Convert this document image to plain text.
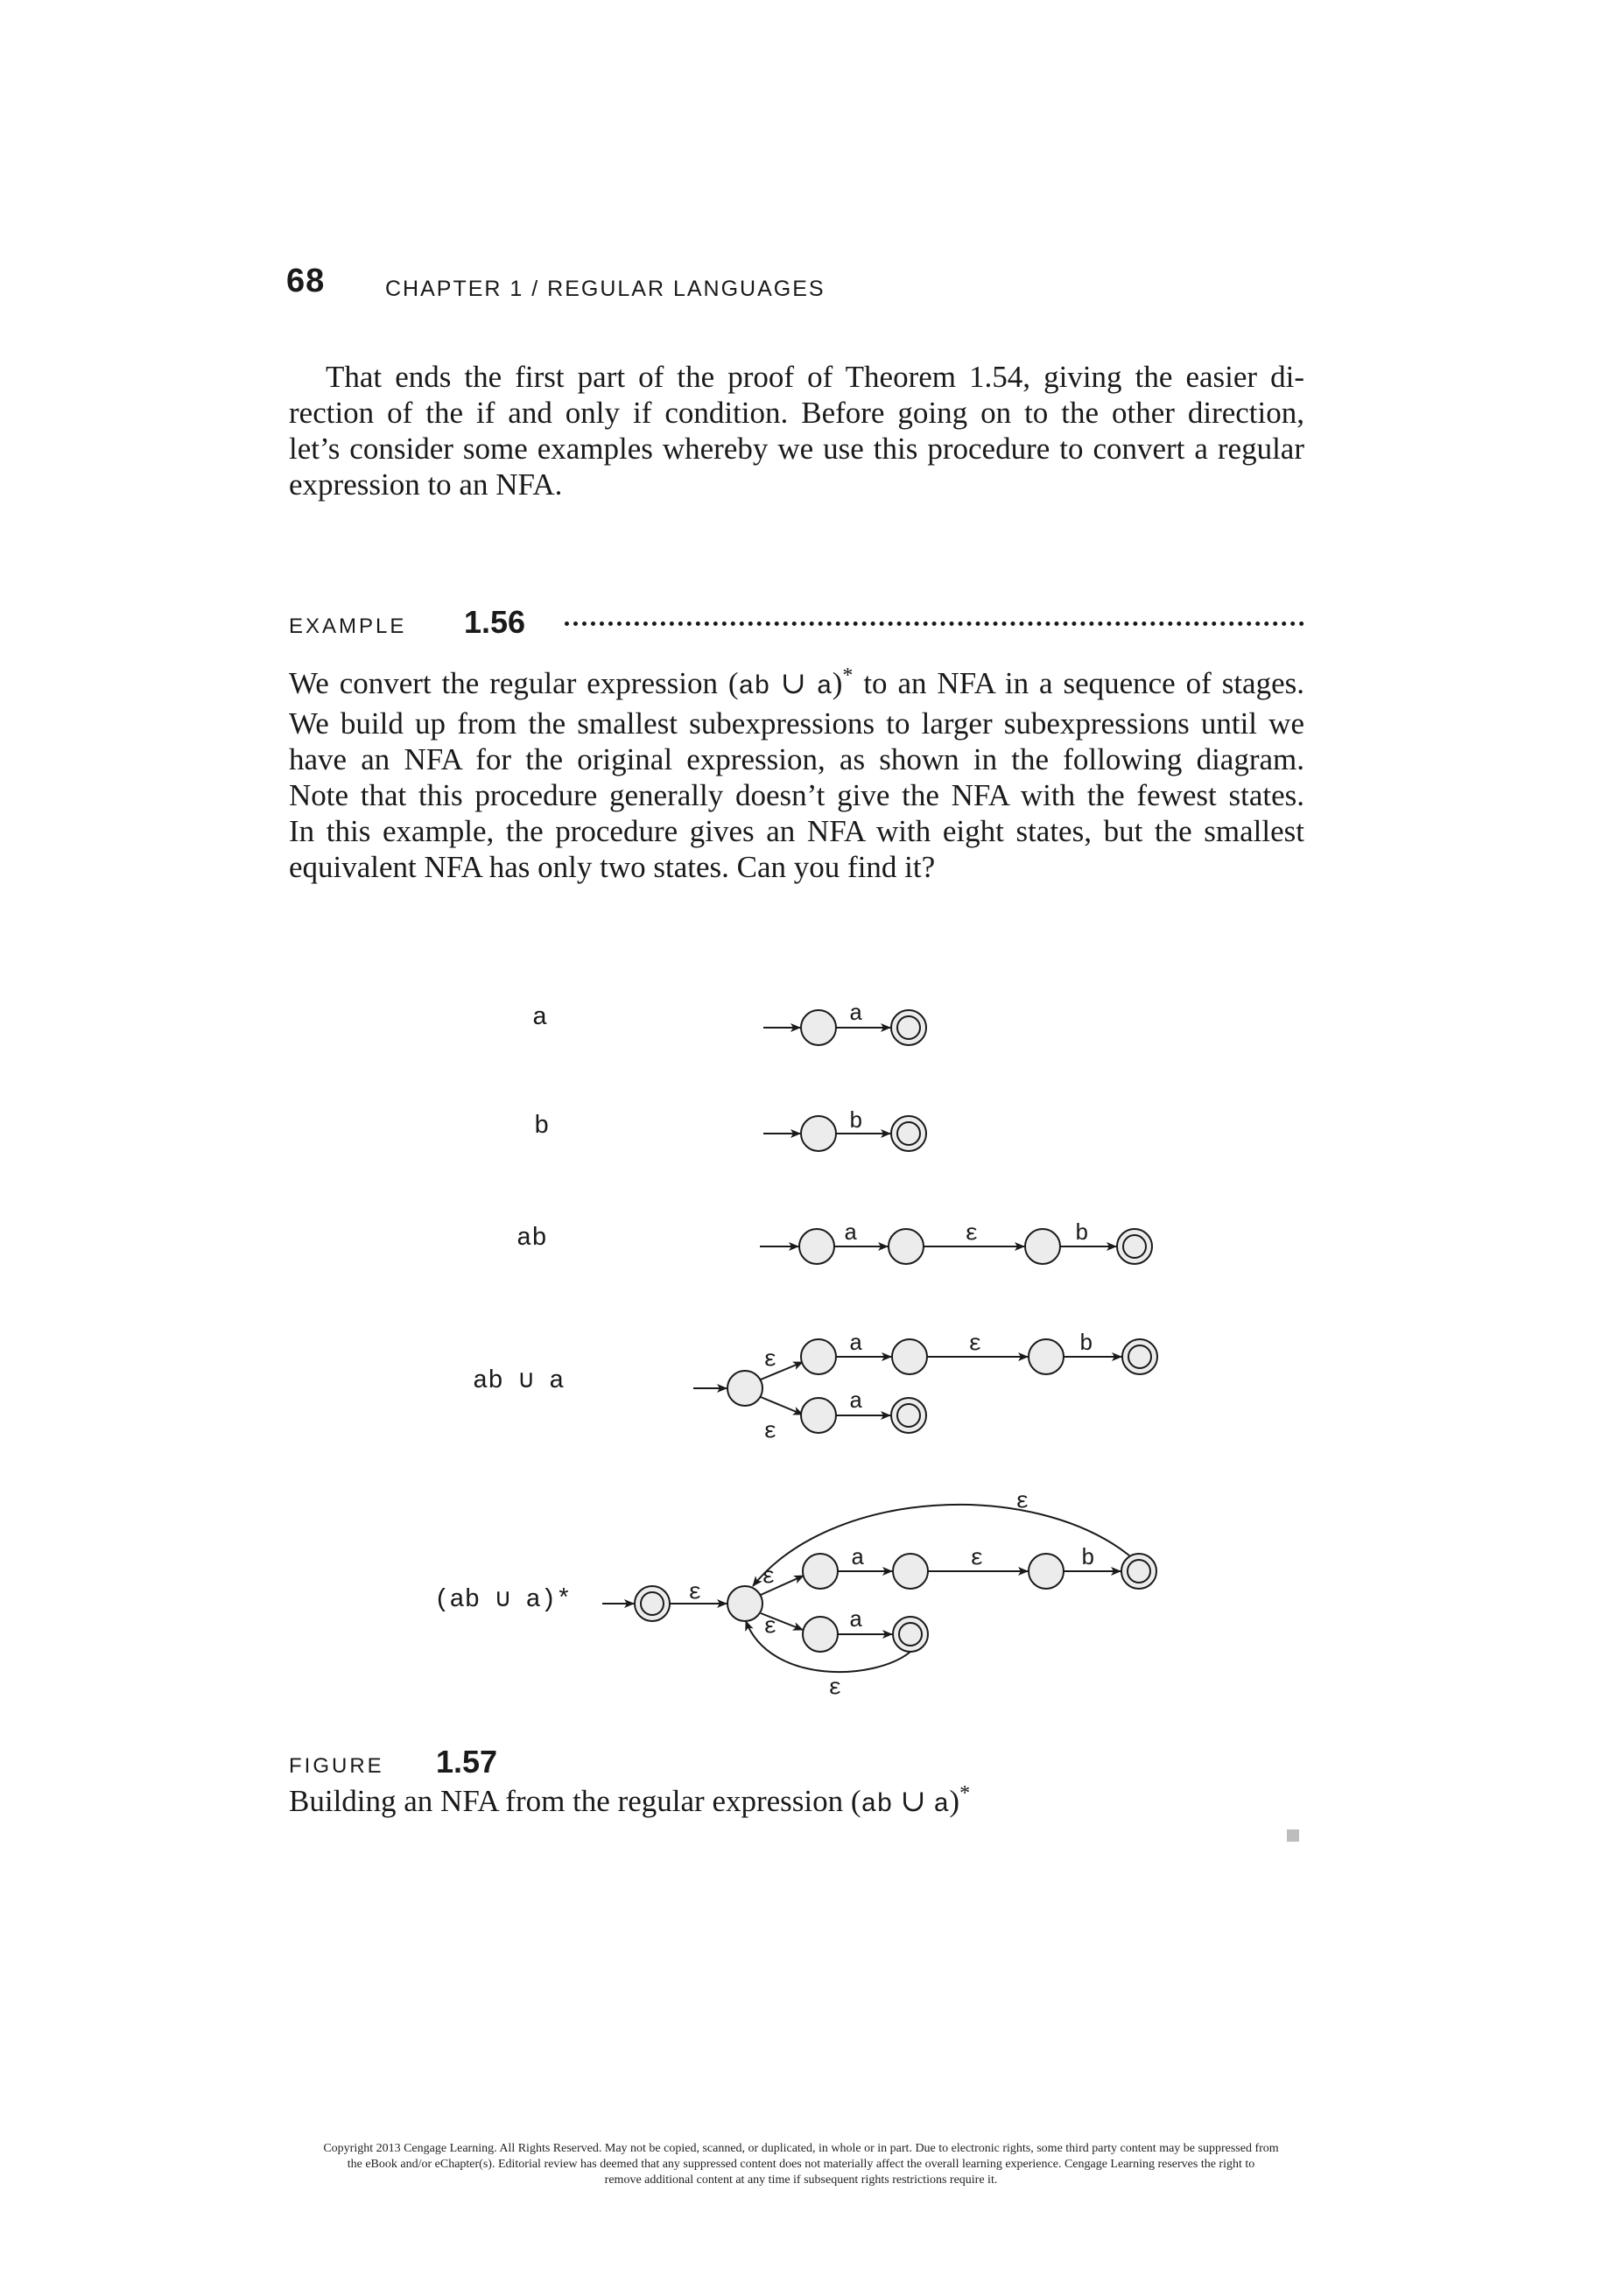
68	CHAPTER 1 / REGULAR LANGUAGES
That ends the first part of the proof of Theorem 1.54, giving the easier di-
rection of the if and only if condition. Before going on to the other direction,
let’s consider some examples whereby we use this procedure to convert a regular
expression to an NFA.
EXAMPLE 1.56
We convert the regular expression (ab ∪ a)* to an NFA in a sequence of stages.
We build up from the smallest subexpressions to larger subexpressions until we
have an NFA for the original expression, as shown in the following diagram.
Note that this procedure generally doesn’t give the NFA with the fewest states.
In this example, the procedure gives an NFA with eight states, but the smallest
equivalent NFA has only two states. Can you find it?
a
b
ab
ab ∪ a
(ab ∪ a)*
a
b
a	ε	b
ε
a	ε	b
a
ε
ε
ε
a	ε	b
ε
ε	a
ε
FIGURE 1.57
Building an NFA from the regular expression (ab ∪ a)*
Copyright 2013 Cengage Learning. All Rights Reserved. May not be copied, scanned, or duplicated, in whole or in part. Due to electronic rights, some third party content may be suppressed from
the eBook and/or eChapter(s). Editorial review has deemed that any suppressed content does not materially affect the overall learning experience. Cengage Learning reserves the right to
remove additional content at any time if subsequent rights restrictions require it.
